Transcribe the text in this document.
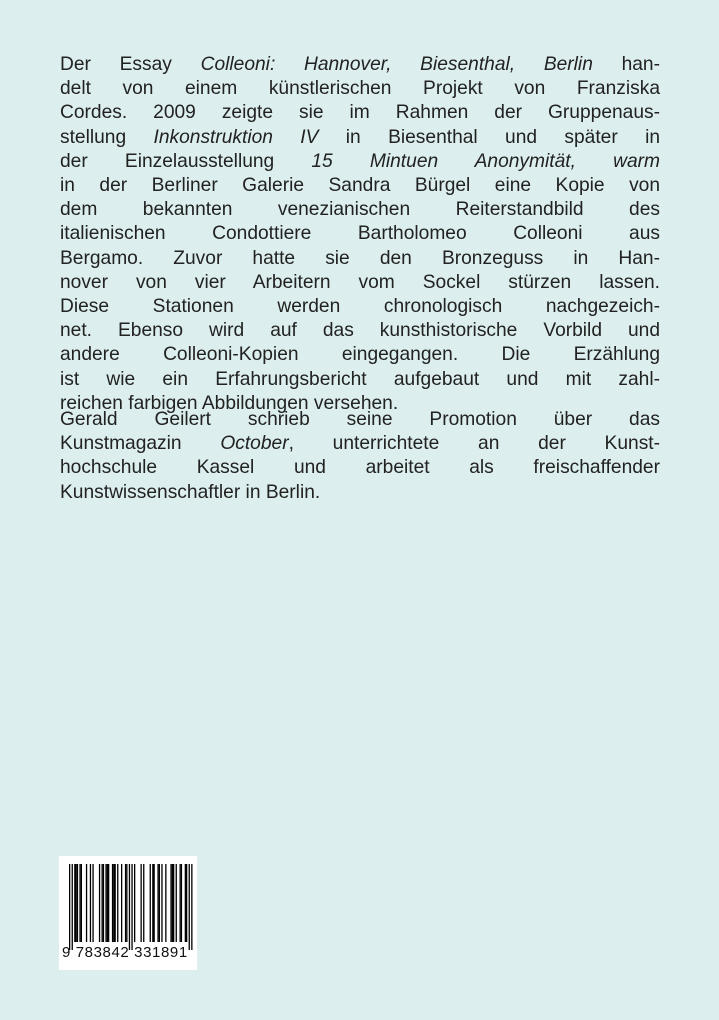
Der Essay Colleoni: Hannover, Biesenthal, Berlin han-
delt von einem künstlerischen Projekt von Franziska
Cordes. 2009 zeigte sie im Rahmen der Gruppenaus-
stellung Inkonstruktion IV in Biesenthal und später in
der Einzelausstellung 15 Mintuen Anonymität, warm
in der Berliner Galerie Sandra Bürgel eine Kopie von
dem bekannten venezianischen Reiterstandbild des
italienischen Condottiere Bartholomeo Colleoni aus
Bergamo. Zuvor hatte sie den Bronzeguss in Han-
nover von vier Arbeitern vom Sockel stürzen lassen.
Diese Stationen werden chronologisch nachgezeich-
net. Ebenso wird auf das kunsthistorische Vorbild und
andere Colleoni-Kopien eingegangen. Die Erzählung
ist wie ein Erfahrungsbericht aufgebaut und mit zahl-
reichen farbigen Abbildungen versehen.
Gerald Geilert schrieb seine Promotion über das
Kunstmagazin October, unterrichtete an der Kunst-
hochschule Kassel und arbeitet als freischaffender
Kunstwissenschaftler in Berlin.
9 783842 331891
